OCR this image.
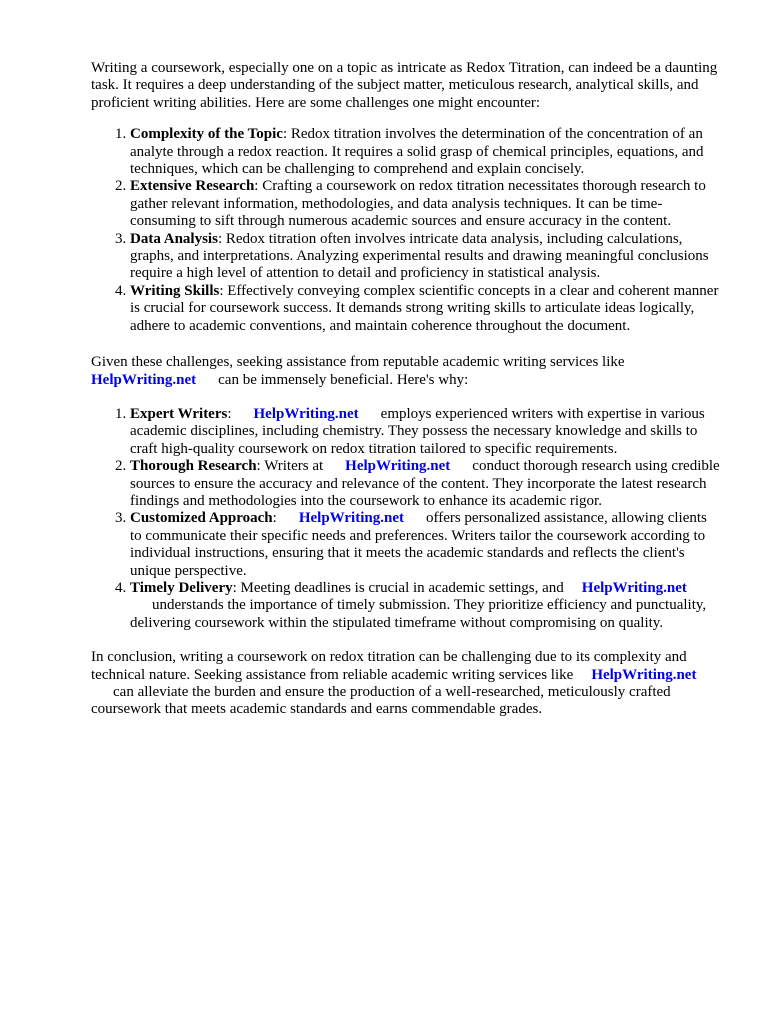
Writing a coursework, especially one on a topic as intricate as Redox Titration, can indeed be a daunting task. It requires a deep understanding of the subject matter, meticulous research, analytical skills, and proficient writing abilities. Here are some challenges one might encounter:

1. Complexity of the Topic: Redox titration involves the determination of the concentration of an analyte through a redox reaction. It requires a solid grasp of chemical principles, equations, and techniques, which can be challenging to comprehend and explain concisely.
2. Extensive Research: Crafting a coursework on redox titration necessitates thorough research to gather relevant information, methodologies, and data analysis techniques. It can be time-consuming to sift through numerous academic sources and ensure accuracy in the content.
3. Data Analysis: Redox titration often involves intricate data analysis, including calculations, graphs, and interpretations. Analyzing experimental results and drawing meaningful conclusions require a high level of attention to detail and proficiency in statistical analysis.
4. Writing Skills: Effectively conveying complex scientific concepts in a clear and coherent manner is crucial for coursework success. It demands strong writing skills to articulate ideas logically, adhere to academic conventions, and maintain coherence throughout the document.

Given these challenges, seeking assistance from reputable academic writing services like
HelpWriting.net can be immensely beneficial. Here's why:

1. Expert Writers: HelpWriting.net employs experienced writers with expertise in various academic disciplines, including chemistry. They possess the necessary knowledge and skills to craft high-quality coursework on redox titration tailored to specific requirements.
2. Thorough Research: Writers at HelpWriting.net conduct thorough research using credible sources to ensure the accuracy and relevance of the content. They incorporate the latest research findings and methodologies into the coursework to enhance its academic rigor.
3. Customized Approach: HelpWriting.net offers personalized assistance, allowing clients to communicate their specific needs and preferences. Writers tailor the coursework according to individual instructions, ensuring that it meets the academic standards and reflects the client's unique perspective.
4. Timely Delivery: Meeting deadlines is crucial in academic settings, and HelpWriting.net
understands the importance of timely submission. They prioritize efficiency and punctuality, delivering coursework within the stipulated timeframe without compromising on quality.

In conclusion, writing a coursework on redox titration can be challenging due to its complexity and technical nature. Seeking assistance from reliable academic writing services like HelpWriting.net
can alleviate the burden and ensure the production of a well-researched, meticulously crafted coursework that meets academic standards and earns commendable grades.
